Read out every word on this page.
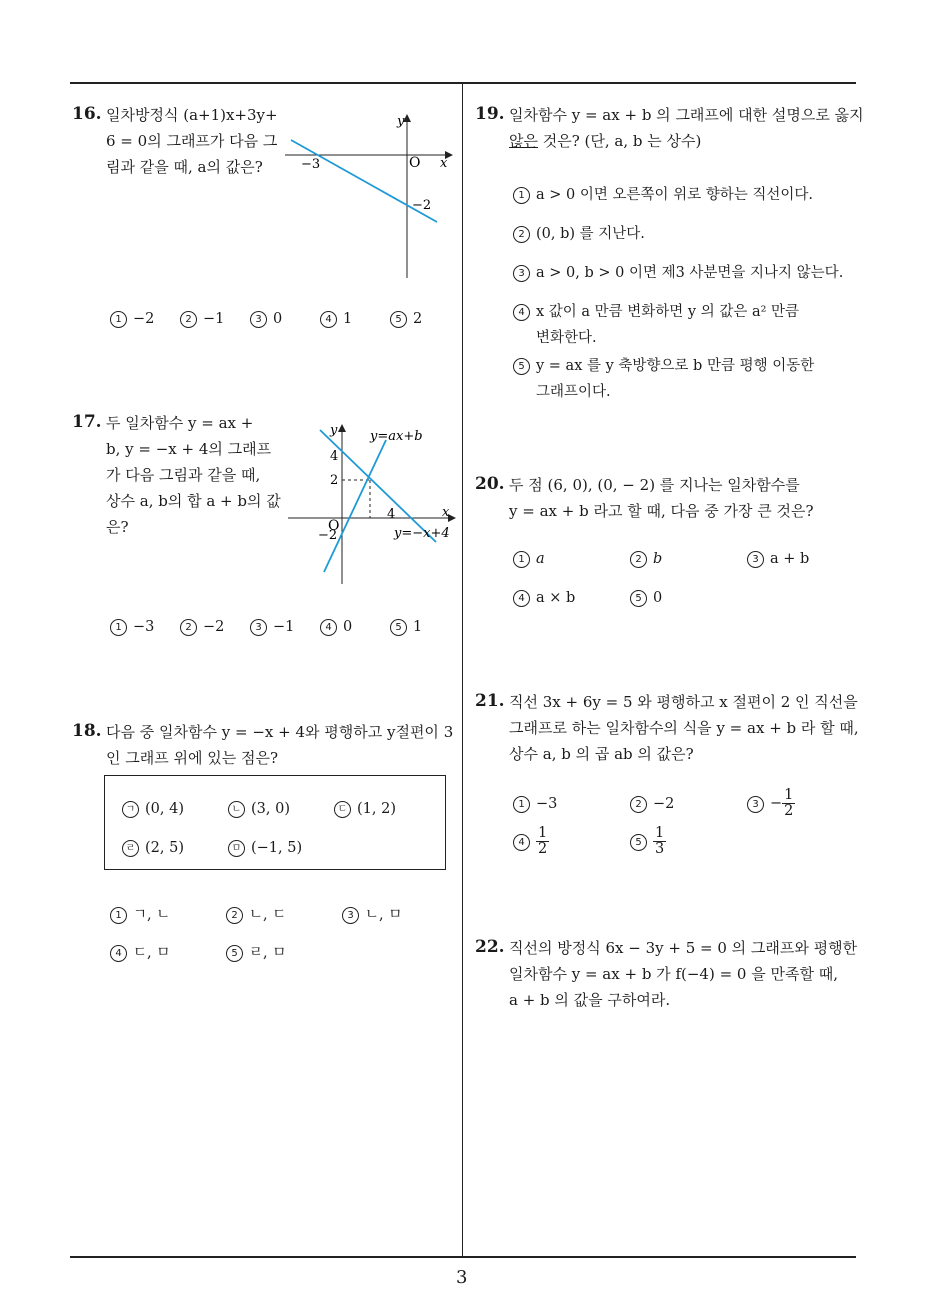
3
16. 일차방정식 (a+1)x+3y+
6 = 0의 그래프가 다음 그
림과 같을 때, a의 값은?
y
x
O
−3
−2
1 −2	2 −1	3 0	4 1	5 2
17. 두 일차함수 y = ax +
b, y = −x + 4의 그래프
가 다음 그림과 같을 때,
상수 a, b의 합 a + b의 값
은?
y
x
O
4
2
−2
4
y=ax+b
y=−x+4
1 −3	2 −2	3 −1	4 0	5 1
18. 다음 중 일차함수 y = −x + 4와 평행하고 y절편이 3
인 그래프 위에 있는 점은?
ㄱ (0, 4)	ㄴ (3, 0)	ㄷ (1, 2)
ㄹ (2, 5)	ㅁ (−1, 5)
1 ㄱ, ㄴ	2 ㄴ, ㄷ	3 ㄴ, ㅁ
4 ㄷ, ㅁ	5 ㄹ, ㅁ
19. 일차함수 y = ax + b 의 그래프에 대한 설명으로 옳지
않은 것은? (단, a, b 는 상수)
1 a > 0 이면 오른쪽이 위로 향하는 직선이다.
2 (0, b) 를 지난다.
3 a > 0, b > 0 이면 제3 사분면을 지나지 않는다.
4 x 값이 a 만큼 변화하면 y 의 값은 a² 만큼
변화한다.
5 y = ax 를 y 축방향으로 b 만큼 평행 이동한
그래프이다.
20. 두 점 (6, 0), (0, − 2) 를 지나는 일차함수를
y = ax + b 라고 할 때, 다음 중 가장 큰 것은?
1 a	2 b	3 a + b
4 a × b	5 0
21. 직선 3x + 6y = 5 와 평행하고 x 절편이 2 인 직선을
그래프로 하는 일차함수의 식을 y = ax + b 라 할 때,
상수 a, b 의 곱 ab 의 값은?
1 −3	2 −2	$3 - \frac{1}{2}$
$4 \frac{1}{2}$	$5 \frac{1}{3}$
22. 직선의 방정식 6x − 3y + 5 = 0 의 그래프와 평행한
일차함수 y = ax + b 가 f(−4) = 0 을 만족할 때,
a + b 의 값을 구하여라.
